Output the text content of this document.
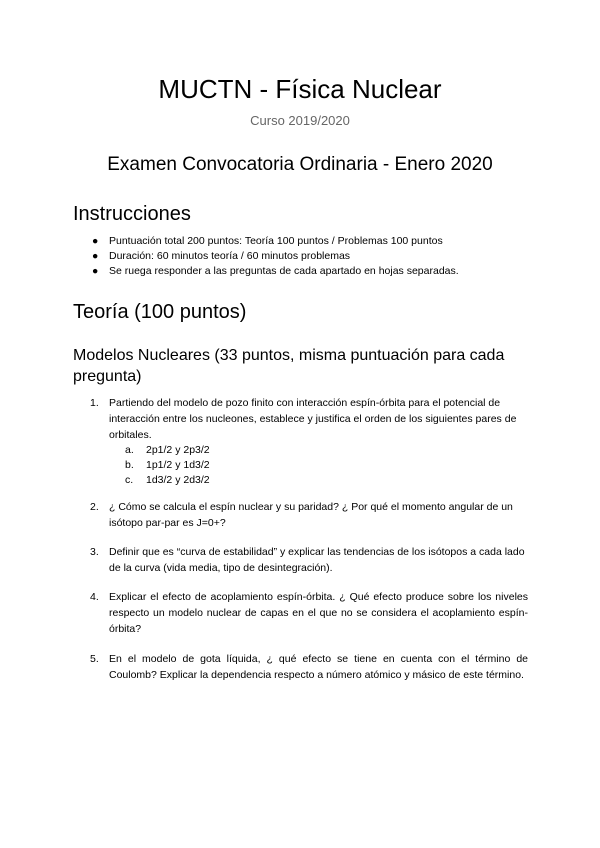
MUCTN - Física Nuclear
Curso 2019/2020
Examen Convocatoria Ordinaria - Enero 2020
Instrucciones
● Puntuación total 200 puntos: Teoría 100 puntos / Problemas 100 puntos
● Duración: 60 minutos teoría / 60 minutos problemas
● Se ruega responder a las preguntas de cada apartado en hojas separadas.
Teoría (100 puntos)
Modelos Nucleares (33 puntos, misma puntuación para cada pregunta)
1. Partiendo del modelo de pozo finito con interacción espín-órbita para el potencial de interacción entre los nucleones, establece y justifica el orden de los siguientes pares de orbitales.
a. 2p1/2 y 2p3/2
b. 1p1/2 y 1d3/2
c. 1d3/2 y 2d3/2
2. ¿ Cómo se calcula el espín nuclear y su paridad? ¿ Por qué el momento angular de un isótopo par-par es J=0+?
3. Definir que es “curva de estabilidad” y explicar las tendencias de los isótopos a cada lado de la curva (vida media, tipo de desintegración).
4. Explicar el efecto de acoplamiento espín-órbita. ¿ Qué efecto produce sobre los niveles respecto un modelo nuclear de capas en el que no se considera el acoplamiento espín-órbita?
5. En el modelo de gota líquida, ¿ qué efecto se tiene en cuenta con el término de Coulomb? Explicar la dependencia respecto a número atómico y másico de este término.
